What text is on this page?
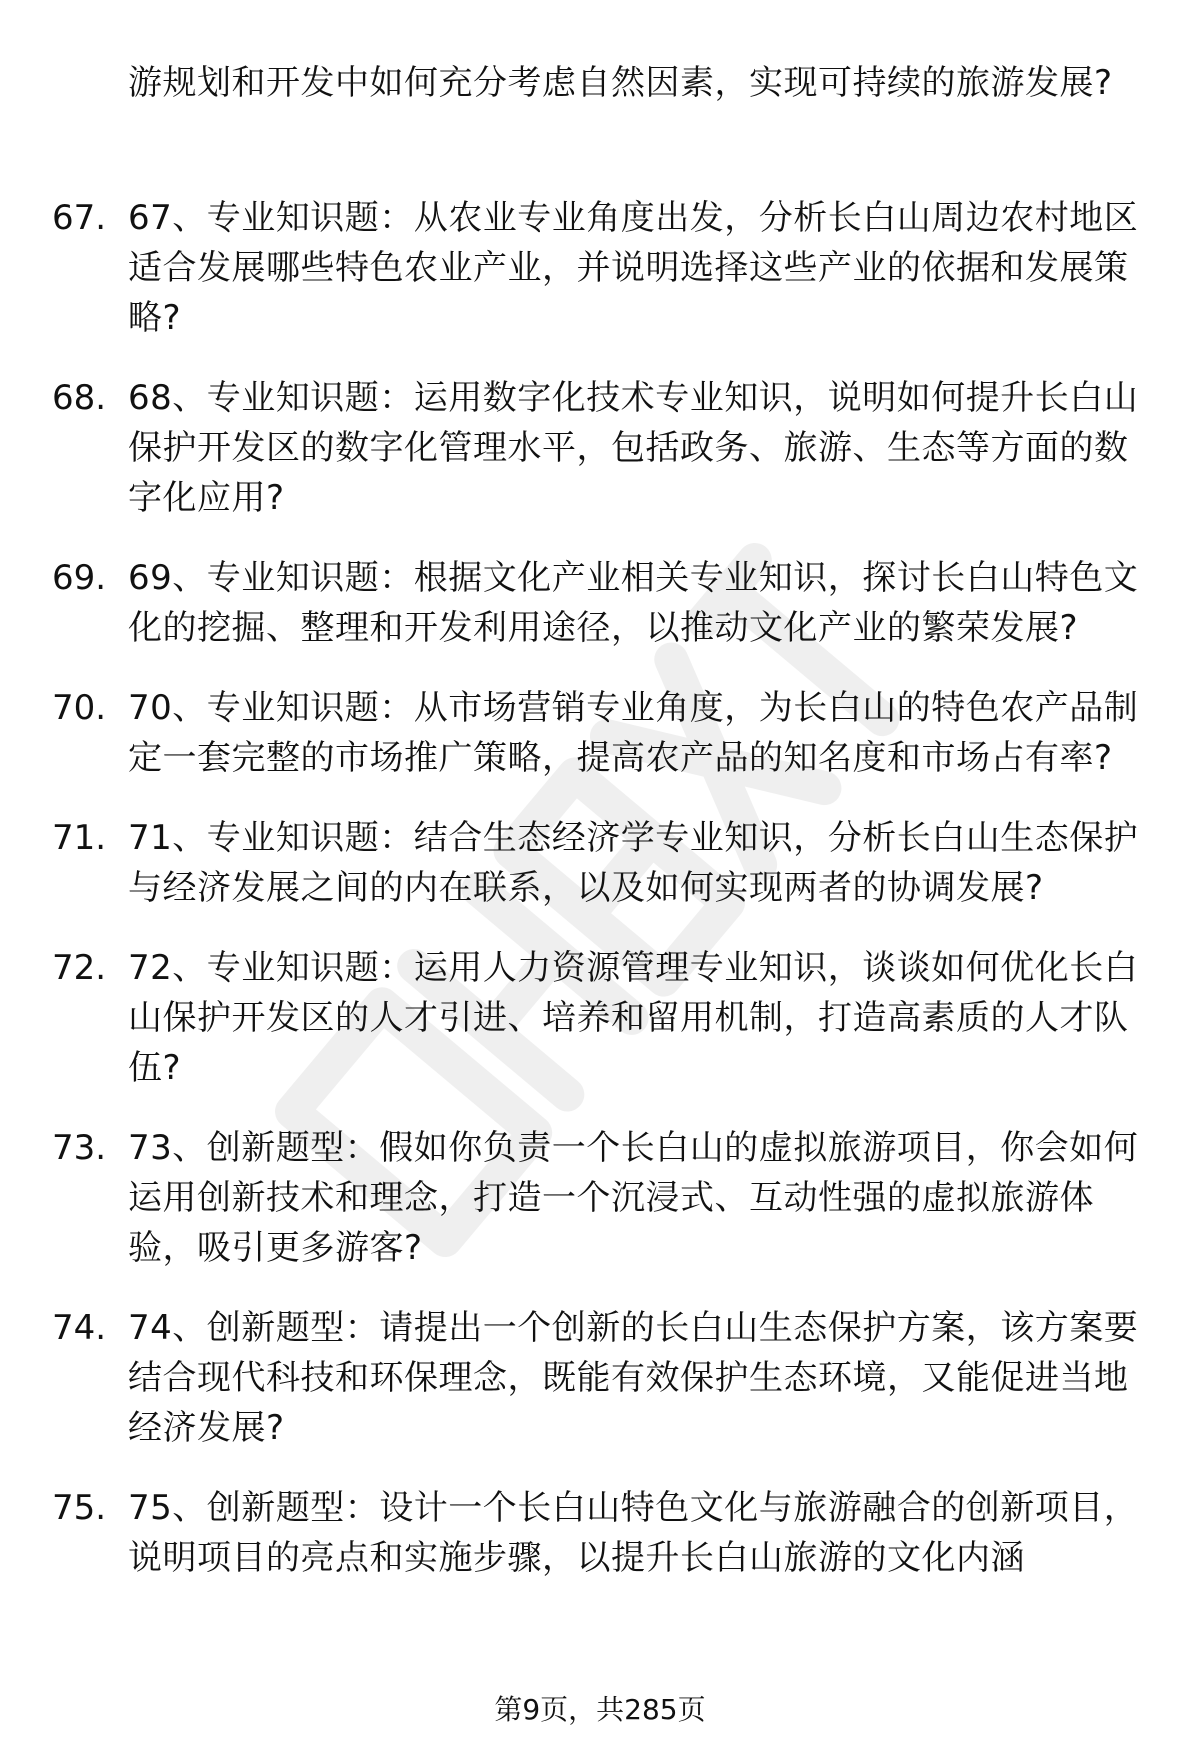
游规划和开发中如何充分考虑自然因素，实现可持续的旅游发展?

67. 67、专业知识题：从农业专业角度出发，分析长白山周边农村地区适合发展哪些特色农业产业，并说明选择这些产业的依据和发展策略?
68. 68、专业知识题：运用数字化技术专业知识，说明如何提升长白山保护开发区的数字化管理水平，包括政务、旅游、生态等方面的数字化应用?
69. 69、专业知识题：根据文化产业相关专业知识，探讨长白山特色文化的挖掘、整理和开发利用途径，以推动文化产业的繁荣发展?
70. 70、专业知识题：从市场营销专业角度，为长白山的特色农产品制定一套完整的市场推广策略，提高农产品的知名度和市场占有率?
71. 71、专业知识题：结合生态经济学专业知识，分析长白山生态保护与经济发展之间的内在联系，以及如何实现两者的协调发展?
72. 72、专业知识题：运用人力资源管理专业知识，谈谈如何优化长白山保护开发区的人才引进、培养和留用机制，打造高素质的人才队伍?
73. 73、创新题型：假如你负责一个长白山的虚拟旅游项目，你会如何运用创新技术和理念，打造一个沉浸式、互动性强的虚拟旅游体验，吸引更多游客?
74. 74、创新题型：请提出一个创新的长白山生态保护方案，该方案要结合现代科技和环保理念，既能有效保护生态环境，又能促进当地经济发展?
75. 75、创新题型：设计一个长白山特色文化与旅游融合的创新项目，说明项目的亮点和实施步骤，以提升长白山旅游的文化内涵
第9页，共285页
